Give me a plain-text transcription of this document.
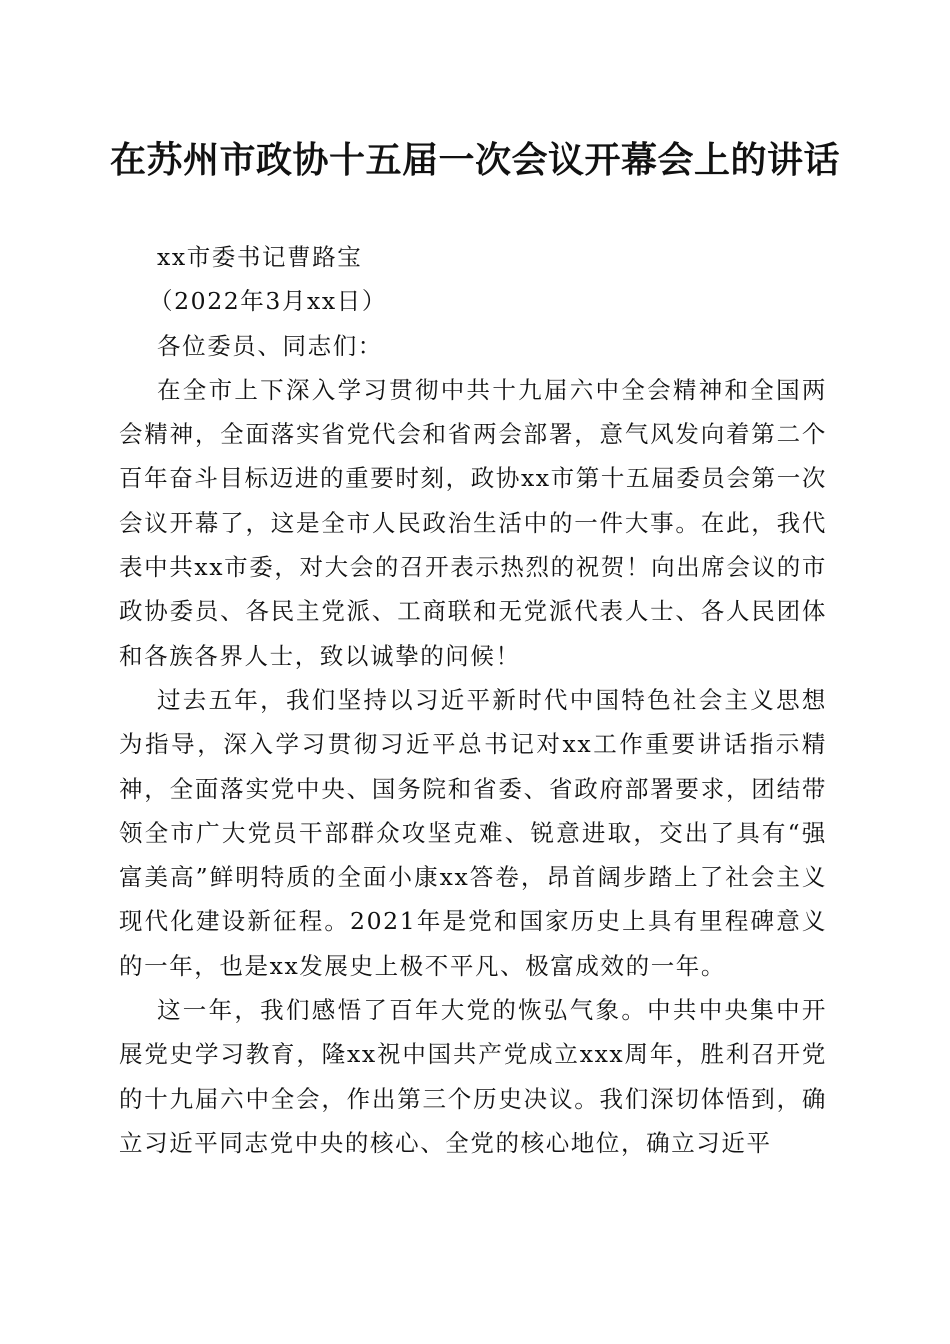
在苏州市政协十五届一次会议开幕会上的讲话

xx市委书记曹路宝

（2022年3月xx日）

各位委员、同志们：

在全市上下深入学习贯彻中共十九届六中全会精神和全国两会精神，全面落实省党代会和省两会部署，意气风发向着第二个百年奋斗目标迈进的重要时刻，政协xx市第十五届委员会第一次会议开幕了，这是全市人民政治生活中的一件大事。在此，我代表中共xx市委，对大会的召开表示热烈的祝贺！向出席会议的市政协委员、各民主党派、工商联和无党派代表人士、各人民团体和各族各界人士，致以诚挚的问候！

过去五年，我们坚持以习近平新时代中国特色社会主义思想为指导，深入学习贯彻习近平总书记对xx工作重要讲话指示精神，全面落实党中央、国务院和省委、省政府部署要求，团结带领全市广大党员干部群众攻坚克难、锐意进取，交出了具有“强富美高”鲜明特质的全面小康xx答卷，昂首阔步踏上了社会主义现代化建设新征程。2021年是党和国家历史上具有里程碑意义的一年，也是xx发展史上极不平凡、极富成效的一年。

这一年，我们感悟了百年大党的恢弘气象。中共中央集中开展党史学习教育，隆xx祝中国共产党成立xxx周年，胜利召开党的十九届六中全会，作出第三个历史决议。我们深切体悟到，确立习近平同志党中央的核心、全党的核心地位，确立习近平
